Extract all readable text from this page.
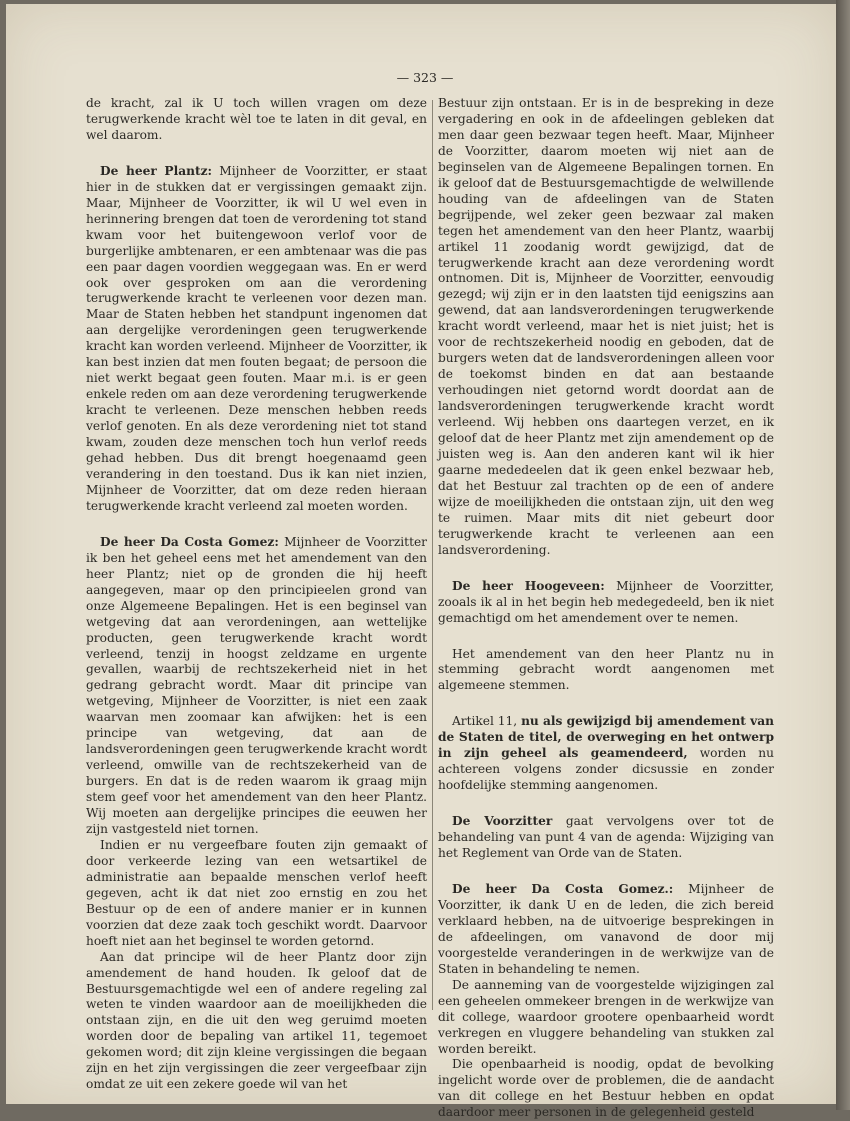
— 323 —

de kracht, zal ik U toch willen vragen om deze terugwerkende kracht wèl toe te laten in dit geval, en wel daarom.

De heer Plantz: Mijnheer de Voorzitter, er staat hier in de stukken dat er vergissingen gemaakt zijn. Maar, Mijnheer de Voorzitter, ik wil U wel even in herinnering brengen dat toen de verordening tot stand kwam voor het buitengewoon verlof voor de burgerlijke ambtenaren, er een ambtenaar was die pas een paar dagen voordien weggegaan was. En er werd ook over gesproken om aan die verordening terugwerkende kracht te verleenen voor dezen man. Maar de Staten hebben het standpunt ingenomen dat aan dergelijke verordeningen geen terugwerkende kracht kan worden verleend. Mijnheer de Voorzitter, ik kan best inzien dat men fouten begaat; de persoon die niet werkt begaat geen fouten. Maar m.i. is er geen enkele reden om aan deze verordening terugwerkende kracht te verleenen. Deze menschen hebben reeds verlof genoten. En als deze verordening niet tot stand kwam, zouden deze menschen toch hun verlof reeds gehad hebben. Dus dit brengt hoegenaamd geen verandering in den toestand. Dus ik kan niet inzien, Mijnheer de Voorzitter, dat om deze reden hieraan terugwerkende kracht verleend zal moeten worden.

De heer Da Costa Gomez: Mijnheer de Voorzitter ik ben het geheel eens met het amendement van den heer Plantz; niet op de gronden die hij heeft aangegeven, maar op den principieelen grond van onze Algemeene Bepalingen. Het is een beginsel van wetgeving dat aan verordeningen, aan wettelijke producten, geen terugwerkende kracht wordt verleend, tenzij in hoogst zeldzame en urgente gevallen, waarbij de rechtszekerheid niet in het gedrang gebracht wordt. Maar dit principe van wetgeving, Mijnheer de Voorzitter, is niet een zaak waarvan men zoomaar kan afwijken: het is een principe van wetgeving, dat aan de landsverordeningen geen terugwerkende kracht wordt verleend, omwille van de rechtszekerheid van de burgers. En dat is de reden waarom ik graag mijn stem geef voor het amendement van den heer Plantz. Wij moeten aan dergelijke principes die eeuwen her zijn vastgesteld niet tornen.

Indien er nu vergeefbare fouten zijn gemaakt of door verkeerde lezing van een wetsartikel de administratie aan bepaalde menschen verlof heeft gegeven, acht ik dat niet zoo ernstig en zou het Bestuur op de een of andere manier er in kunnen voorzien dat deze zaak toch geschikt wordt. Daarvoor hoeft niet aan het beginsel te worden getornd.

Aan dat principe wil de heer Plantz door zijn amendement de hand houden. Ik geloof dat de Bestuursgemachtigde wel een of andere regeling zal weten te vinden waardoor aan de moeilijkheden die ontstaan zijn, en die uit den weg geruimd moeten worden door de bepaling van artikel 11, tegemoet gekomen word; dit zijn kleine vergissingen die begaan zijn en het zijn vergissingen die zeer vergeefbaar zijn omdat ze uit een zekere goede wil van het

Bestuur zijn ontstaan. Er is in de bespreking in deze vergadering en ook in de afdeelingen gebleken dat men daar geen bezwaar tegen heeft. Maar, Mijnheer de Voorzitter, daarom moeten wij niet aan de beginselen van de Algemeene Bepalingen tornen. En ik geloof dat de Bestuursgemachtigde de welwillende houding van de afdeelingen van de Staten begrijpende, wel zeker geen bezwaar zal maken tegen het amendement van den heer Plantz, waarbij artikel 11 zoodanig wordt gewijzigd, dat de terugwerkende kracht aan deze verordening wordt ontnomen. Dit is, Mijnheer de Voorzitter, eenvoudig gezegd; wij zijn er in den laatsten tijd eenigszins aan gewend, dat aan landsverordeningen terugwerkende kracht wordt verleend, maar het is niet juist; het is voor de rechtszekerheid noodig en geboden, dat de burgers weten dat de landsverordeningen alleen voor de toekomst binden en dat aan bestaande verhoudingen niet getornd wordt doordat aan de landsverordeningen terugwerkende kracht wordt verleend. Wij hebben ons daartegen verzet, en ik geloof dat de heer Plantz met zijn amendement op de juisten weg is. Aan den anderen kant wil ik hier gaarne mededeelen dat ik geen enkel bezwaar heb, dat het Bestuur zal trachten op de een of andere wijze de moeilijkheden die ontstaan zijn, uit den weg te ruimen. Maar mits dit niet gebeurt door terugwerkende kracht te verleenen aan een landsverordening.

De heer Hoogeveen: Mijnheer de Voorzitter, zooals ik al in het begin heb medegedeeld, ben ik niet gemachtigd om het amendement over te nemen.

Het amendement van den heer Plantz nu in stemming gebracht wordt aangenomen met algemeene stemmen.

Artikel 11, nu als gewijzigd bij amendement van de Staten de titel, de overweging en het ontwerp in zijn geheel als geamendeerd, worden nu achtereen volgens zonder dicsussie en zonder hoofdelijke stemming aangenomen.

De Voorzitter gaat vervolgens over tot de behandeling van punt 4 van de agenda: Wijziging van het Reglement van Orde van de Staten.

De heer Da Costa Gomez.: Mijnheer de Voorzitter, ik dank U en de leden, die zich bereid verklaard hebben, na de uitvoerige besprekingen in de afdeelingen, om vanavond de door mij voorgestelde veranderingen in de werkwijze van de Staten in behandeling te nemen.

De aanneming van de voorgestelde wijzigingen zal een geheelen ommekeer brengen in de werkwijze van dit college, waardoor grootere openbaarheid wordt verkregen en vluggere behandeling van stukken zal worden bereikt.

Die openbaarheid is noodig, opdat de bevolking ingelicht worde over de problemen, die de aandacht van dit college en het Bestuur hebben en opdat daardoor meer personen in de gelegenheid gesteld
